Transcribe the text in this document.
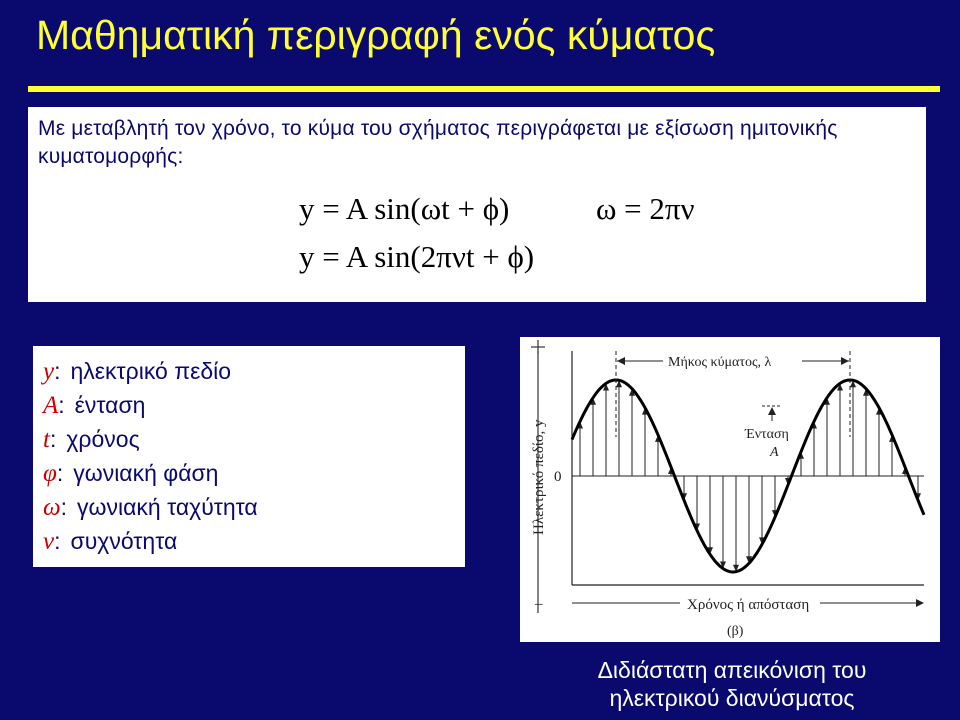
Μαθηματική περιγραφή ενός κύματος

Με μεταβλητή τον χρόνο, το κύμα του σχήματος περιγράφεται με εξίσωση ημιτονικής κυματομορφής:

y = A sin(ωt + ϕ)
y = A sin(2πνt + ϕ)
ω = 2πν
y: ηλεκτρικό πεδίο
A: ένταση
t: χρόνος
φ: γωνιακή φάση
ω: γωνιακή ταχύτητα
ν: συχνότητα
–
Ηλεκτρικό πεδίο, y 0
Μήκος κύματος, λ
Ένταση
A
Χρόνος ή απόσταση
(β)

Διδιάστατη απεικόνιση του ηλεκτρικού διανύσματος
